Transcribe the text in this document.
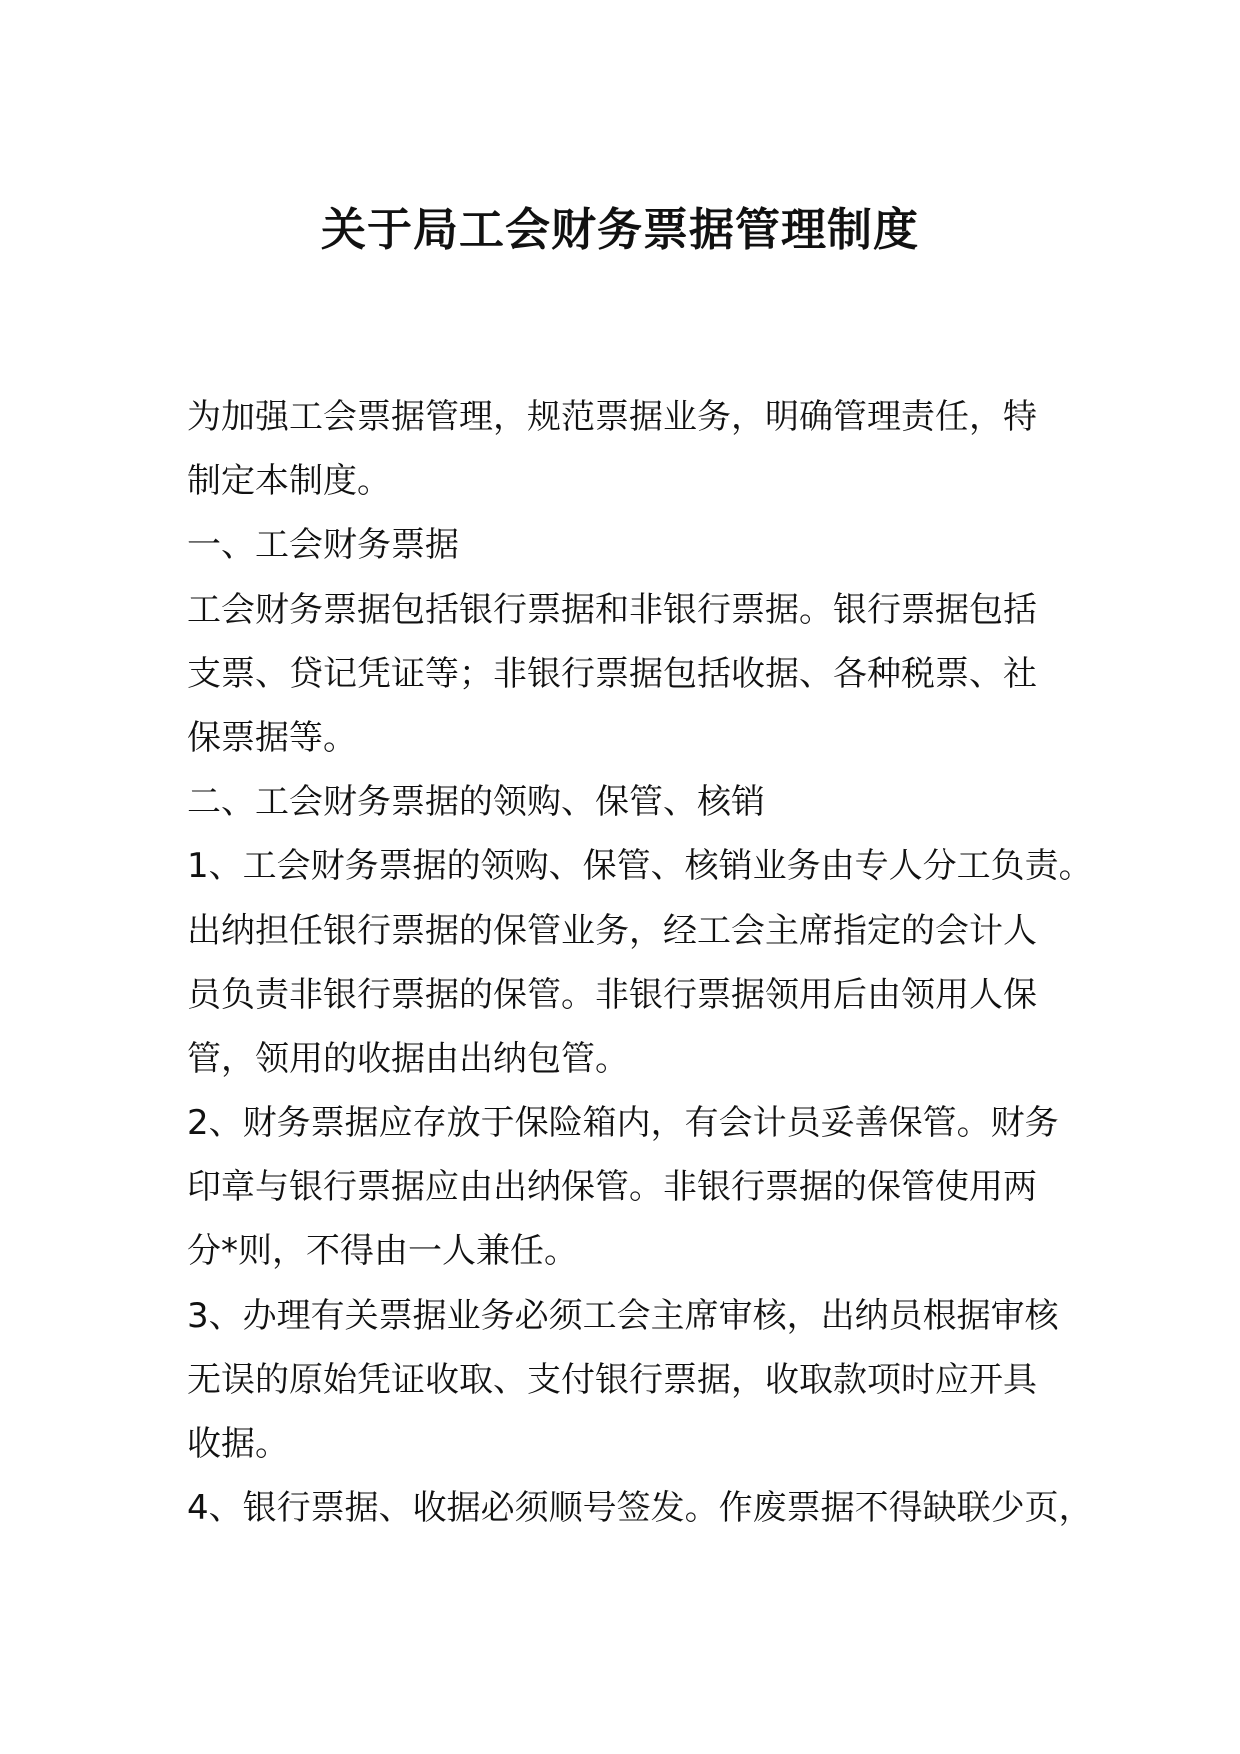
关于局工会财务票据管理制度

为加强工会票据管理，规范票据业务，明确管理责任，特

制定本制度。

一、工会财务票据

工会财务票据包括银行票据和非银行票据。银行票据包括

支票、贷记凭证等；非银行票据包括收据、各种税票、社

保票据等。

二、工会财务票据的领购、保管、核销

1、工会财务票据的领购、保管、核销业务由专人分工负责。

出纳担任银行票据的保管业务，经工会主席指定的会计人

员负责非银行票据的保管。非银行票据领用后由领用人保

管，领用的收据由出纳包管。

2、财务票据应存放于保险箱内，有会计员妥善保管。财务

印章与银行票据应由出纳保管。非银行票据的保管使用两

分*则，不得由一人兼任。

3、办理有关票据业务必须工会主席审核，出纳员根据审核

无误的原始凭证收取、支付银行票据，收取款项时应开具

收据。

4、银行票据、收据必须顺号签发。作废票据不得缺联少页，
